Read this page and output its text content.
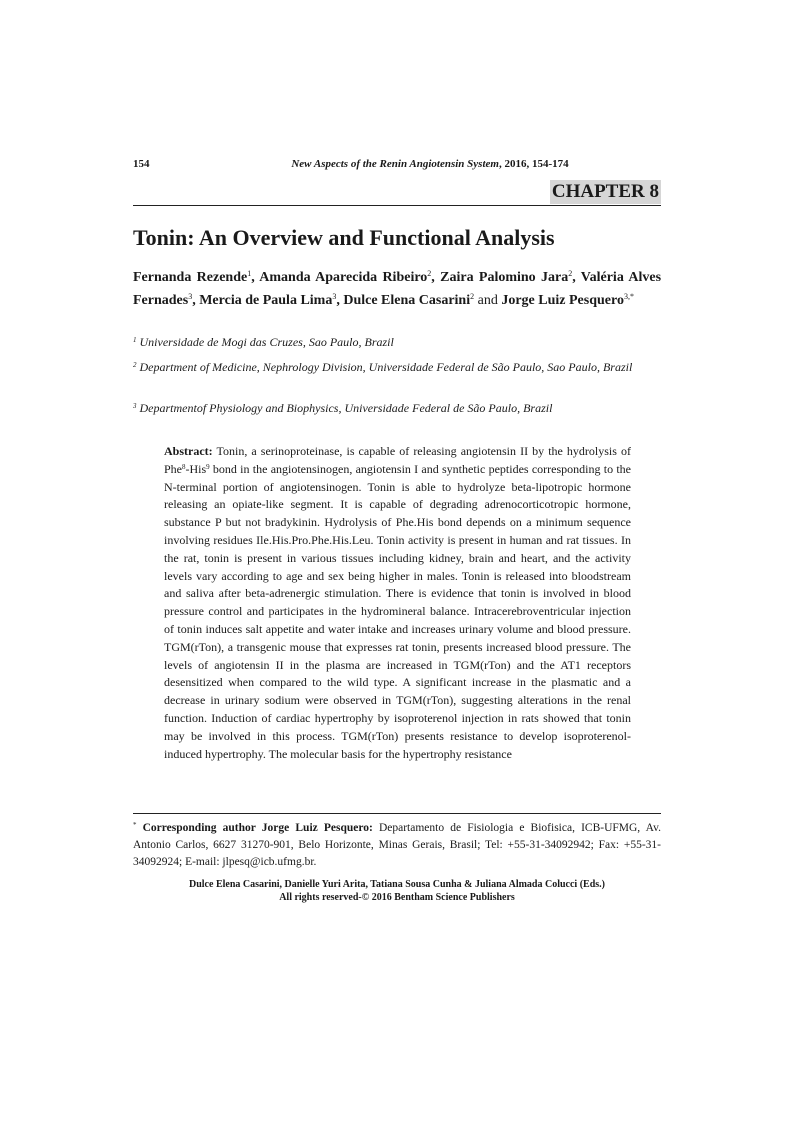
154	New Aspects of the Renin Angiotensin System, 2016, 154-174
CHAPTER 8
Tonin: An Overview and Functional Analysis
Fernanda Rezende$^1$, Amanda Aparecida Ribeiro$^2$, Zaira Palomino Jara$^2$, Valéria Alves Fernades$^3$, Mercia de Paula Lima$^3$, Dulce Elena Casarini$^2$ and Jorge Luiz Pesquero$^{3,*}$
$^1$ Universidade de Mogi das Cruzes, Sao Paulo, Brazil
$^2$ Department of Medicine, Nephrology Division, Universidade Federal de São Paulo, Sao Paulo, Brazil
$^3$ Departmentof Physiology and Biophysics, Universidade Federal de São Paulo, Brazil
Abstract: Tonin, a serinoproteinase, is capable of releasing angiotensin II by the hydrolysis of Phe$^8$-His$^9$ bond in the angiotensinogen, angiotensin I and synthetic peptides corresponding to the N-terminal portion of angiotensinogen. Tonin is able to hydrolyze beta-lipotropic hormone releasing an opiate-like segment. It is capable of degrading adrenocorticotropic hormone, substance P but not bradykinin. Hydrolysis of Phe.His bond depends on a minimum sequence involving residues Ile.His.Pro.Phe.His.Leu. Tonin activity is present in human and rat tissues. In the rat, tonin is present in various tissues including kidney, brain and heart, and the activity levels vary according to age and sex being higher in males. Tonin is released into bloodstream and saliva after beta-adrenergic stimulation. There is evidence that tonin is involved in blood pressure control and participates in the hydromineral balance. Intracerebroventricular injection of tonin induces salt appetite and water intake and increases urinary volume and blood pressure. TGM(rTon), a transgenic mouse that expresses rat tonin, presents increased blood pressure. The levels of angiotensin II in the plasma are increased in TGM(rTon) and the AT1 receptors desensitized when compared to the wild type. A significant increase in the plasmatic and a decrease in urinary sodium were observed in TGM(rTon), suggesting alterations in the renal function. Induction of cardiac hypertrophy by isoproterenol injection in rats showed that tonin may be involved in this process. TGM(rTon) presents resistance to develop isoproterenol-induced hypertrophy. The molecular basis for the hypertrophy resistance
* Corresponding author Jorge Luiz Pesquero: Departamento de Fisiologia e Biofisica, ICB-UFMG, Av. Antonio Carlos, 6627 31270-901, Belo Horizonte, Minas Gerais, Brasil; Tel: +55-31-34092942; Fax: +55-31-34092924; E-mail: jlpesq@icb.ufmg.br.
Dulce Elena Casarini, Danielle Yuri Arita, Tatiana Sousa Cunha & Juliana Almada Colucci (Eds.)
All rights reserved-© 2016 Bentham Science Publishers
